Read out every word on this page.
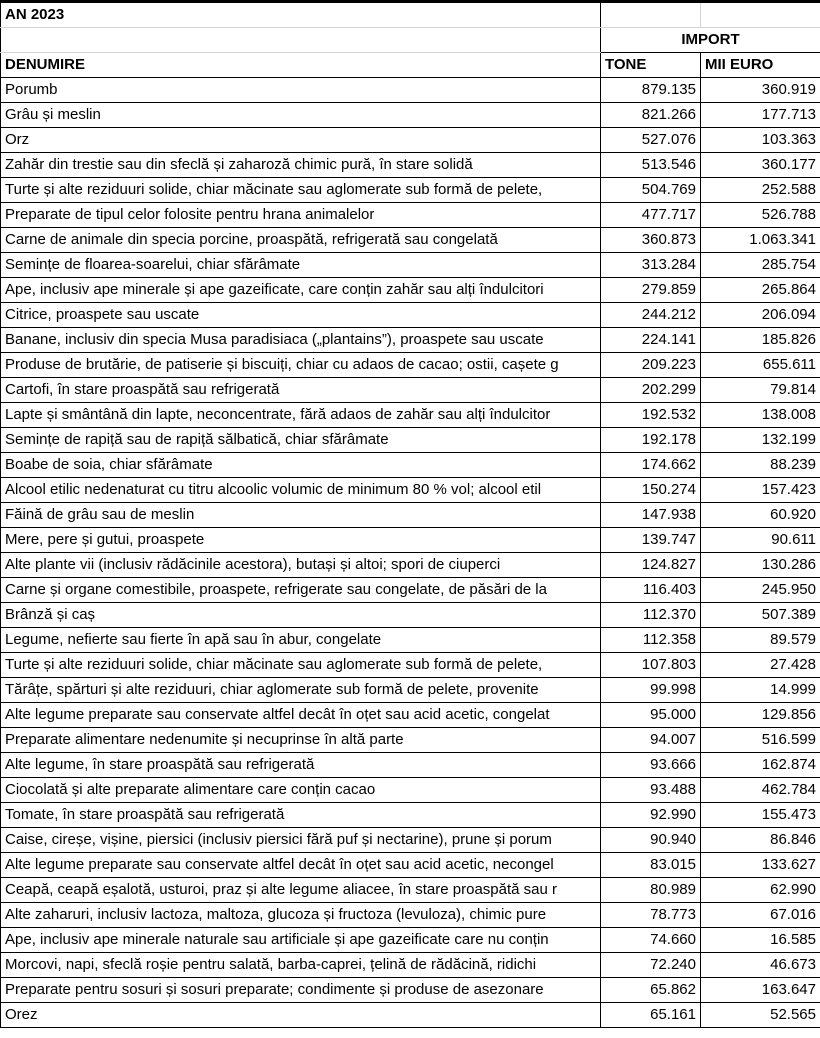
AN 2023		
	IMPORT	
DENUMIRE	TONE	MII EURO
Porumb	879.135	360.919
Grâu și meslin	821.266	177.713
Orz	527.076	103.363
Zahăr din trestie sau din sfeclă și zaharoză chimic pură, în stare solidă	513.546	360.177
Turte și alte reziduuri solide, chiar măcinate sau aglomerate sub formă de pelete,	504.769	252.588
Preparate de tipul celor folosite pentru hrana animalelor	477.717	526.788
Carne de animale din specia porcine, proaspătă, refrigerată sau congelată	360.873	1.063.341
Semințe de floarea-soarelui, chiar sfărâmate	313.284	285.754
Ape, inclusiv ape minerale și ape gazeificate, care conțin zahăr sau alți îndulcitori	279.859	265.864
Citrice, proaspete sau uscate	244.212	206.094
Banane, inclusiv din specia Musa paradisiaca („plantains”), proaspete sau uscate	224.141	185.826
Produse de brutărie, de patiserie și biscuiți, chiar cu adaos de cacao; ostii, cașete g	209.223	655.611
Cartofi, în stare proaspătă sau refrigerată	202.299	79.814
Lapte și smântână din lapte, neconcentrate, fără adaos de zahăr sau alți îndulcitor	192.532	138.008
Semințe de rapiță sau de rapiță sălbatică, chiar sfărâmate	192.178	132.199
Boabe de soia, chiar sfărâmate	174.662	88.239
Alcool etilic nedenaturat cu titru alcoolic volumic de minimum 80 % vol; alcool etil	150.274	157.423
Făină de grâu sau de meslin	147.938	60.920
Mere, pere și gutui, proaspete	139.747	90.611
Alte plante vii (inclusiv rădăcinile acestora), butași și altoi; spori de ciuperci	124.827	130.286
Carne și organe comestibile, proaspete, refrigerate sau congelate, de păsări de la	116.403	245.950
Brânză și caș	112.370	507.389
Legume, nefierte sau fierte în apă sau în abur, congelate	112.358	89.579
Turte și alte reziduuri solide, chiar măcinate sau aglomerate sub formă de pelete,	107.803	27.428
Tărâțe, spărturi și alte reziduuri, chiar aglomerate sub formă de pelete, provenite	99.998	14.999
Alte legume preparate sau conservate altfel decât în oțet sau acid acetic, congelat	95.000	129.856
Preparate alimentare nedenumite și necuprinse în altă parte	94.007	516.599
Alte legume, în stare proaspătă sau refrigerată	93.666	162.874
Ciocolată și alte preparate alimentare care conțin cacao	93.488	462.784
Tomate, în stare proaspătă sau refrigerată	92.990	155.473
Caise, cireșe, vișine, piersici (inclusiv piersici fără puf și nectarine), prune și porum	90.940	86.846
Alte legume preparate sau conservate altfel decât în oțet sau acid acetic, necongel	83.015	133.627
Ceapă, ceapă eșalotă, usturoi, praz și alte legume aliacee, în stare proaspătă sau r	80.989	62.990
Alte zaharuri, inclusiv lactoza, maltoza, glucoza și fructoza (levuloza), chimic pure	78.773	67.016
Ape, inclusiv ape minerale naturale sau artificiale și ape gazeificate care nu conțin	74.660	16.585
Morcovi, napi, sfeclă roșie pentru salată, barba-caprei, țelină de rădăcină, ridichi	72.240	46.673
Preparate pentru sosuri și sosuri preparate; condimente și produse de asezonare	65.862	163.647
Orez	65.161	52.565
